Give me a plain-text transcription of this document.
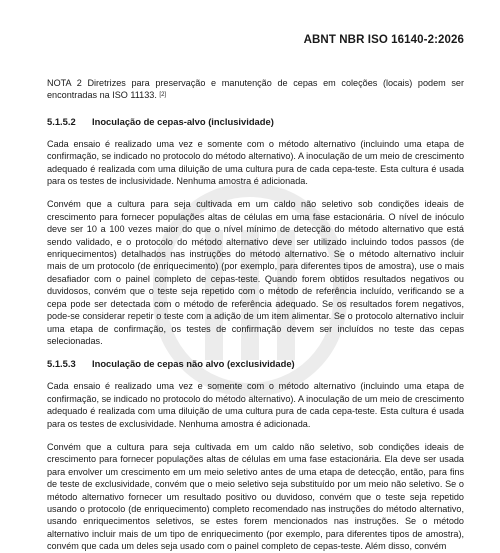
ABNT NBR ISO 16140-2:2026

NOTA 2 Diretrizes para preservação e manutenção de cepas em coleções (locais) podem ser encontradas na ISO 11133. [2]

5.1.5.2 Inoculação de cepas-alvo (inclusividade)

Cada ensaio é realizado uma vez e somente com o método alternativo (incluindo uma etapa de confirmação, se indicado no protocolo do método alternativo). A inoculação de um meio de crescimento adequado é realizada com uma diluição de uma cultura pura de cada cepa-teste. Esta cultura é usada para os testes de inclusividade. Nenhuma amostra é adicionada.

Convém que a cultura para seja cultivada em um caldo não seletivo sob condições ideais de crescimento para fornecer populações altas de células em uma fase estacionária. O nível de inóculo deve ser 10 a 100 vezes maior do que o nível mínimo de detecção do método alternativo que está sendo validado, e o protocolo do método alternativo deve ser utilizado incluindo todos passos (de enriquecimentos) detalhados nas instruções do método alternativo. Se o método alternativo incluir mais de um protocolo (de enriquecimento) (por exemplo, para diferentes tipos de amostra), use o mais desafiador com o painel completo de cepas-teste. Quando forem obtidos resultados negativos ou duvidosos, convém que o teste seja repetido com o método de referência incluído, verificando se a cepa pode ser detectada com o método de referência adequado. Se os resultados forem negativos, pode-se considerar repetir o teste com a adição de um item alimentar. Se o protocolo alternativo incluir uma etapa de confirmação, os testes de confirmação devem ser incluídos no teste das cepas selecionadas.

5.1.5.3 Inoculação de cepas não alvo (exclusividade)

Cada ensaio é realizado uma vez e somente com o método alternativo (incluindo uma etapa de confirmação, se indicado no protocolo do método alternativo). A inoculação de um meio de crescimento adequado é realizada com uma diluição de uma cultura pura de cada cepa-teste. Esta cultura é usada para os testes de exclusividade. Nenhuma amostra é adicionada.

Convém que a cultura para seja cultivada em um caldo não seletivo, sob condições ideais de crescimento para fornecer populações altas de células em uma fase estacionária. Ela deve ser usada para envolver um crescimento em um meio seletivo antes de uma etapa de detecção, então, para fins de teste de exclusividade, convém que o meio seletivo seja substituído por um meio não seletivo. Se o método alternativo fornecer um resultado positivo ou duvidoso, convém que o teste seja repetido usando o protocolo (de enriquecimento) completo recomendado nas instruções do método alternativo, usando enriquecimentos seletivos, se estes forem mencionados nas instruções. Se o método alternativo incluir mais de um tipo de enriquecimento (por exemplo, para diferentes tipos de amostra), convém que cada um deles seja usado com o painel completo de cepas-teste. Além disso, convém
